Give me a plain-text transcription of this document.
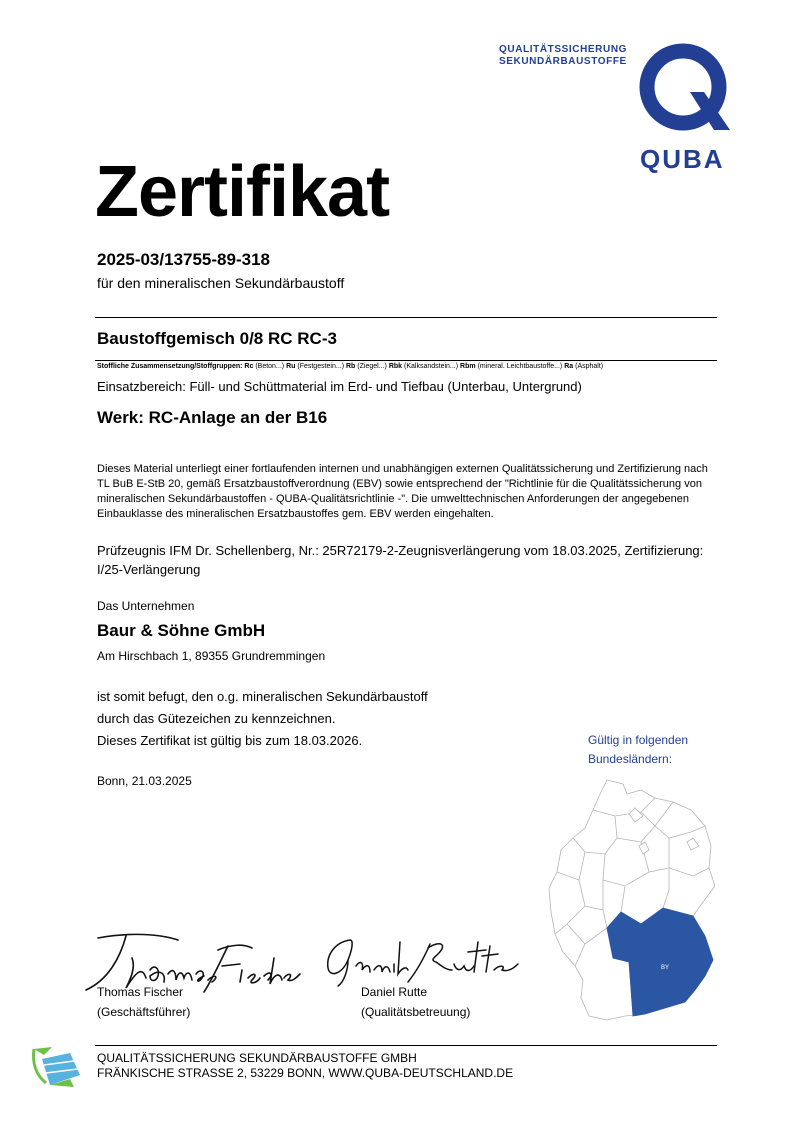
QUALITÄTSSICHERUNG
SEKUNDÄRBAUSTOFFE
QUBA
Zertifikat
2025-03/13755-89-318
für den mineralischen Sekundärbaustoff
Baustoffgemisch 0/8 RC RC-3
Stoffliche Zusammensetzung/Stoffgruppen: Rc (Beton...) Ru (Festgestein...) Rb (Ziegel...) Rbk (Kalksandstein...) Rbm (mineral. Leichtbaustoffe...) Ra (Asphalt)
Einsatzbereich: Füll- und Schüttmaterial im Erd- und Tiefbau (Unterbau, Untergrund)
Werk: RC-Anlage an der B16
Dieses Material unterliegt einer fortlaufenden internen und unabhängigen externen Qualitätssicherung und Zertifizierung nach TL BuB E-StB 20, gemäß Ersatzbaustoffverordnung (EBV) sowie entsprechend der "Richtlinie für die Qualitätssicherung von mineralischen Sekundärbaustoffen - QUBA-Qualitätsrichtlinie -". Die umwelttechnischen Anforderungen der angegebenen Einbauklasse des mineralischen Ersatzbaustoffes gem. EBV werden eingehalten.
Prüfzeugnis IFM Dr. Schellenberg, Nr.: 25R72179-2-Zeugnisverlängerung vom 18.03.2025, Zertifizierung: I/25-Verlängerung
Das Unternehmen
Baur & Söhne GmbH
Am Hirschbach 1, 89355 Grundremmingen
ist somit befugt, den o.g. mineralischen Sekundärbaustoff
durch das Gütezeichen zu kennzeichnen.
Dieses Zertifikat ist gültig bis zum 18.03.2026.
Bonn, 21.03.2025
Gültig in folgenden
Bundesländern:
BY
Thomas Fischer
(Geschäftsführer)
Daniel Rutte
(Qualitätsbetreuung)
QUALITÄTSSICHERUNG SEKUNDÄRBAUSTOFFE GMBH
FRÄNKISCHE STRASSE 2, 53229 BONN, WWW.QUBA-DEUTSCHLAND.DE
